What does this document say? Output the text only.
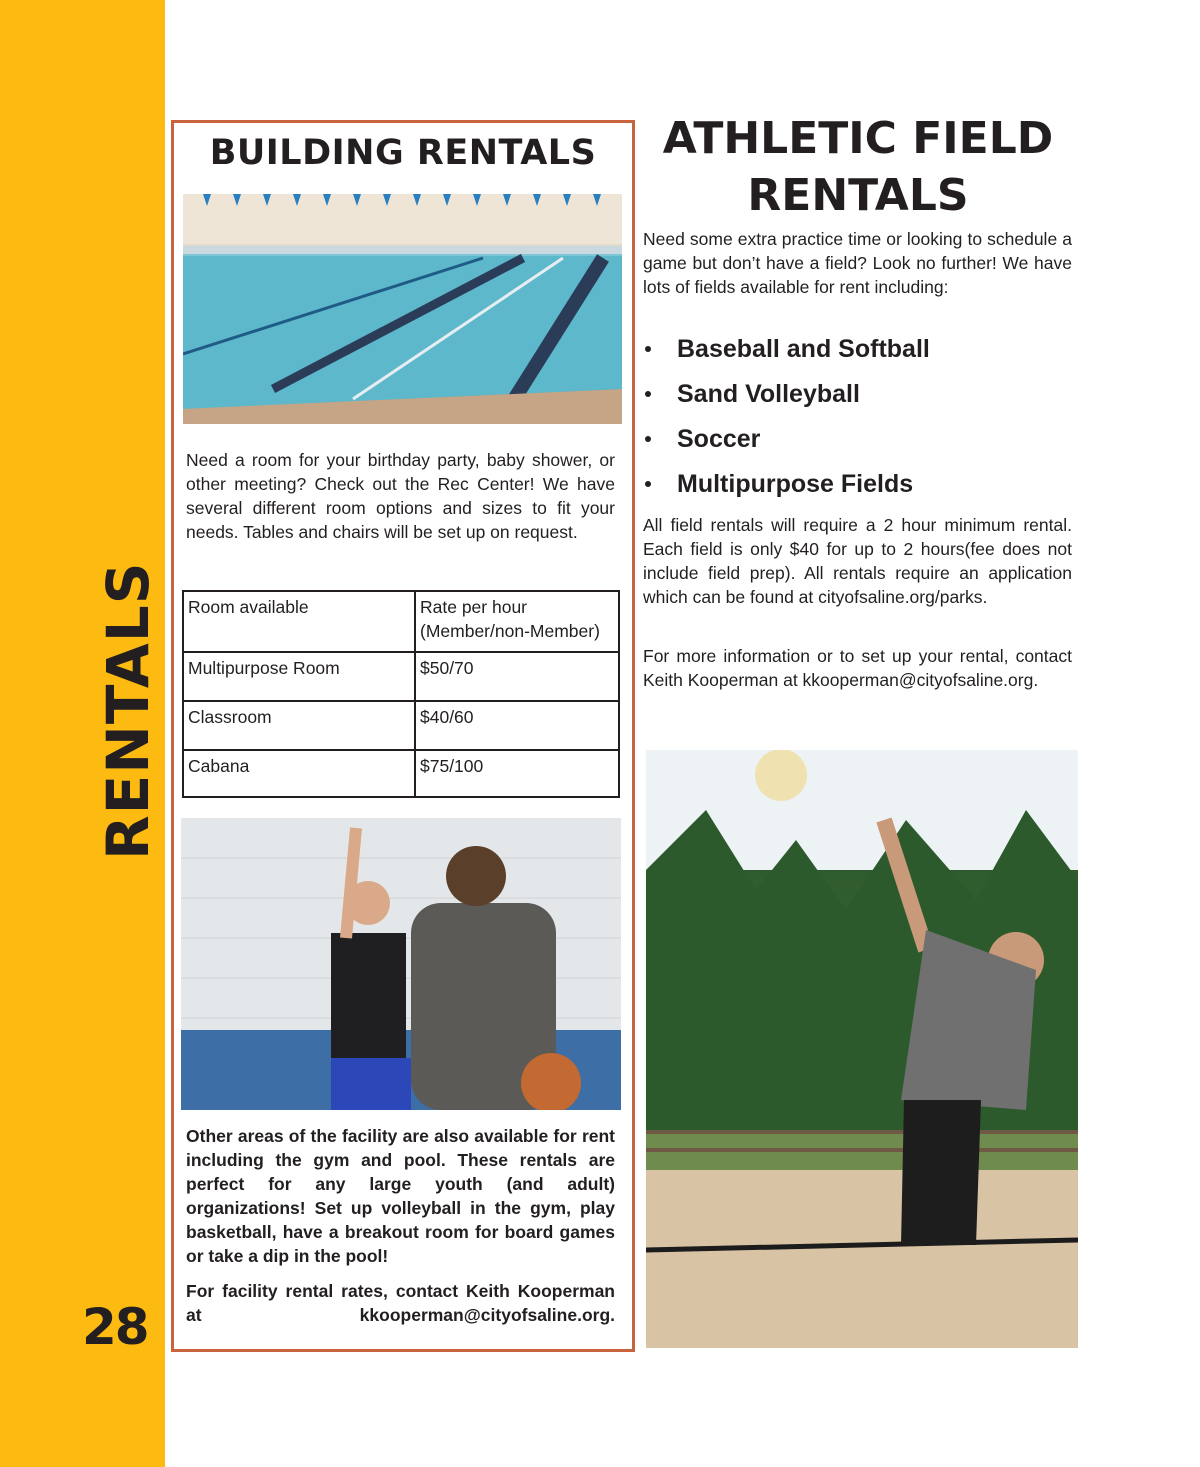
RENTALS
28
BUILDING RENTALS

Need a room for your birthday party, baby shower, or other meeting? Check out the Rec Center! We have several different room options and sizes to fit your needs. Tables and chairs will be set up on request.

Room available	Rate per hour (Member/non-Member)
Multipurpose Room	$50/70
Classroom	$40/60
Cabana	$75/100

Other areas of the facility are also available for rent including the gym and pool. These rentals are perfect for any large youth (and adult) organizations! Set up volleyball in the gym, play basketball, have a breakout room for board games or take a dip in the pool!

For facility rental rates, contact Keith Kooperman at kkooperman@cityofsaline.org.

ATHLETIC FIELD RENTALS

Need some extra practice time or looking to schedule a game but don’t have a field? Look no further! We have lots of fields available for rent including:

Baseball and Softball
Sand Volleyball
Soccer
Multipurpose Fields

All field rentals will require a 2 hour minimum rental. Each field is only $40 for up to 2 hours(fee does not include field prep). All rentals require an application which can be found at cityofsaline.org/parks.

For more information or to set up your rental, contact Keith Kooperman at kkooperman@cityofsaline.org.
